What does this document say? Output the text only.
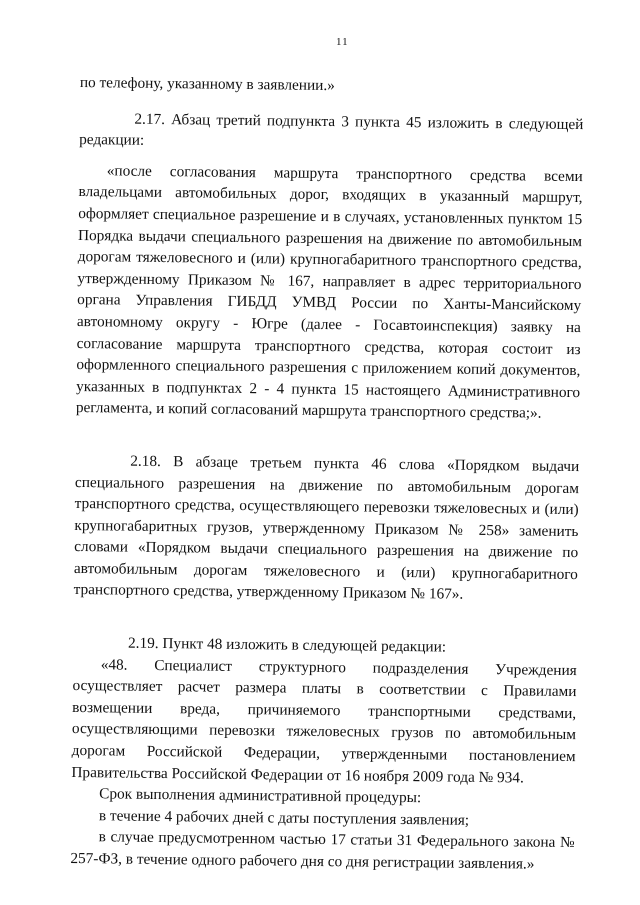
11

по телефону, указанному в заявлении.»

2.17. Абзац третий подпункта 3 пункта 45 изложить в следующей редакции:

«после согласования маршрута транспортного средства всеми владельцами автомобильных дорог, входящих в указанный маршрут, оформляет специальное разрешение и в случаях, установленных пунктом 15 Порядка выдачи специального разрешения на движение по автомобильным дорогам тяжеловесного и (или) крупногабаритного транспортного средства, утвержденному Приказом № 167, направляет в адрес территориального органа Управления ГИБДД УМВД России по Ханты-Мансийскому автономному округу - Югре (далее - Госавтоинспекция) заявку на согласование маршрута транспортного средства, которая состоит из оформленного специального разрешения с приложением копий документов, указанных в подпунктах 2 - 4 пункта 15 настоящего Административного регламента, и копий согласований маршрута транспортного средства;».

2.18. В абзаце третьем пункта 46 слова «Порядком выдачи специального разрешения на движение по автомобильным дорогам транспортного средства, осуществляющего перевозки тяжеловесных и (или) крупногабаритных грузов, утвержденному Приказом № 258» заменить словами «Порядком выдачи специального разрешения на движение по автомобильным дорогам тяжеловесного и (или) крупногабаритного транспортного средства, утвержденному Приказом № 167».

2.19. Пункт 48 изложить в следующей редакции:

«48. Специалист структурного подразделения Учреждения осуществляет расчет размера платы в соответствии с Правилами возмещении вреда, причиняемого транспортными средствами, осуществляющими перевозки тяжеловесных грузов по автомобильным дорогам Российской Федерации, утвержденными постановлением Правительства Российской Федерации от 16 ноября 2009 года № 934.

Срок выполнения административной процедуры:

в течение 4 рабочих дней с даты поступления заявления;

в случае предусмотренном частью 17 статьи 31 Федерального закона № 257-ФЗ, в течение одного рабочего дня со дня регистрации заявления.»
